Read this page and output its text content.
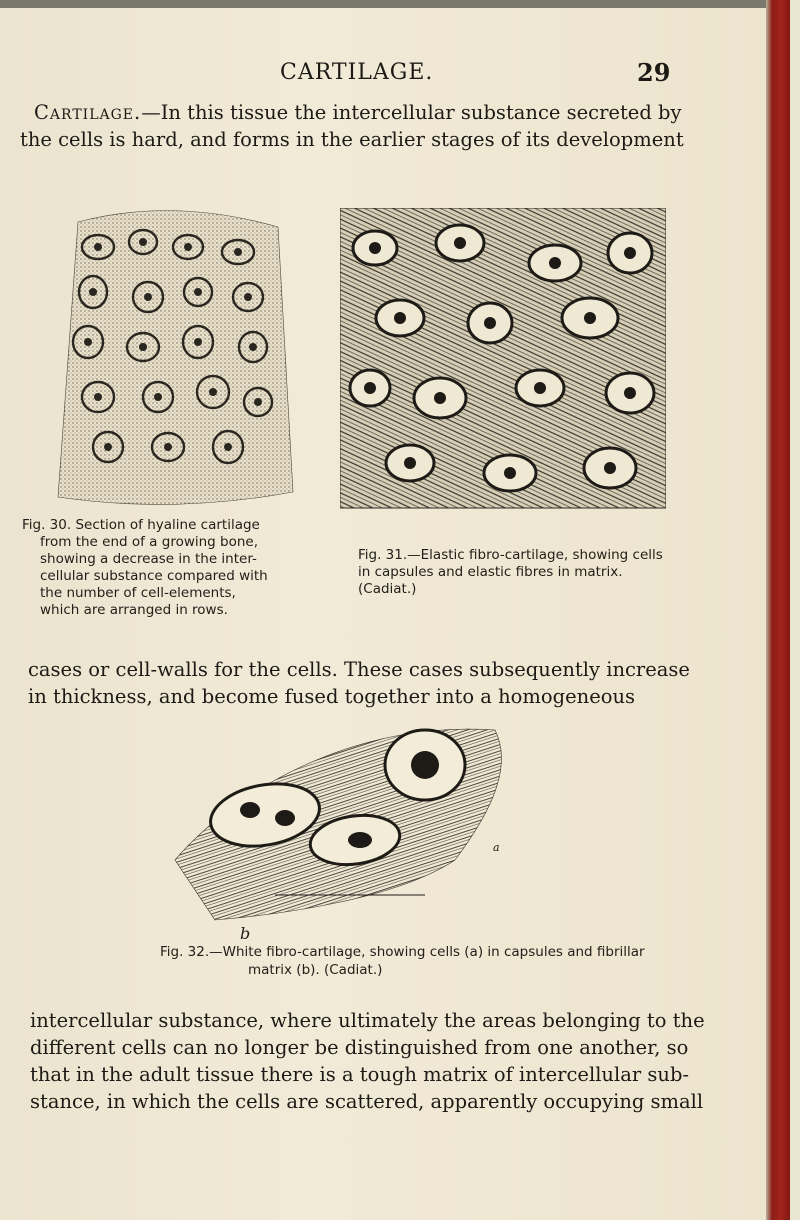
CARTILAGE.	29
Cartilage.—In this tissue the intercellular substance secreted by
the cells is hard, and forms in the earlier stages of its development
Fig. 30. Section of hyaline cartilage
from the end of a growing bone,
showing a decrease in the inter-
cellular substance compared with
the number of cell-elements,
which are arranged in rows.
Fig. 31.—Elastic fibro-cartilage, showing cells
in capsules and elastic fibres in matrix.
(Cadiat.)
cases or cell-walls for the cells. These cases subsequently increase
in thickness, and become fused together into a homogeneous
b
a
Fig. 32.—White fibro-cartilage, showing cells (a) in capsules and fibrillar
matrix (b). (Cadiat.)
intercellular substance, where ultimately the areas belonging to the
different cells can no longer be distinguished from one another, so
that in the adult tissue there is a tough matrix of intercellular sub-
stance, in which the cells are scattered, apparently occupying small
